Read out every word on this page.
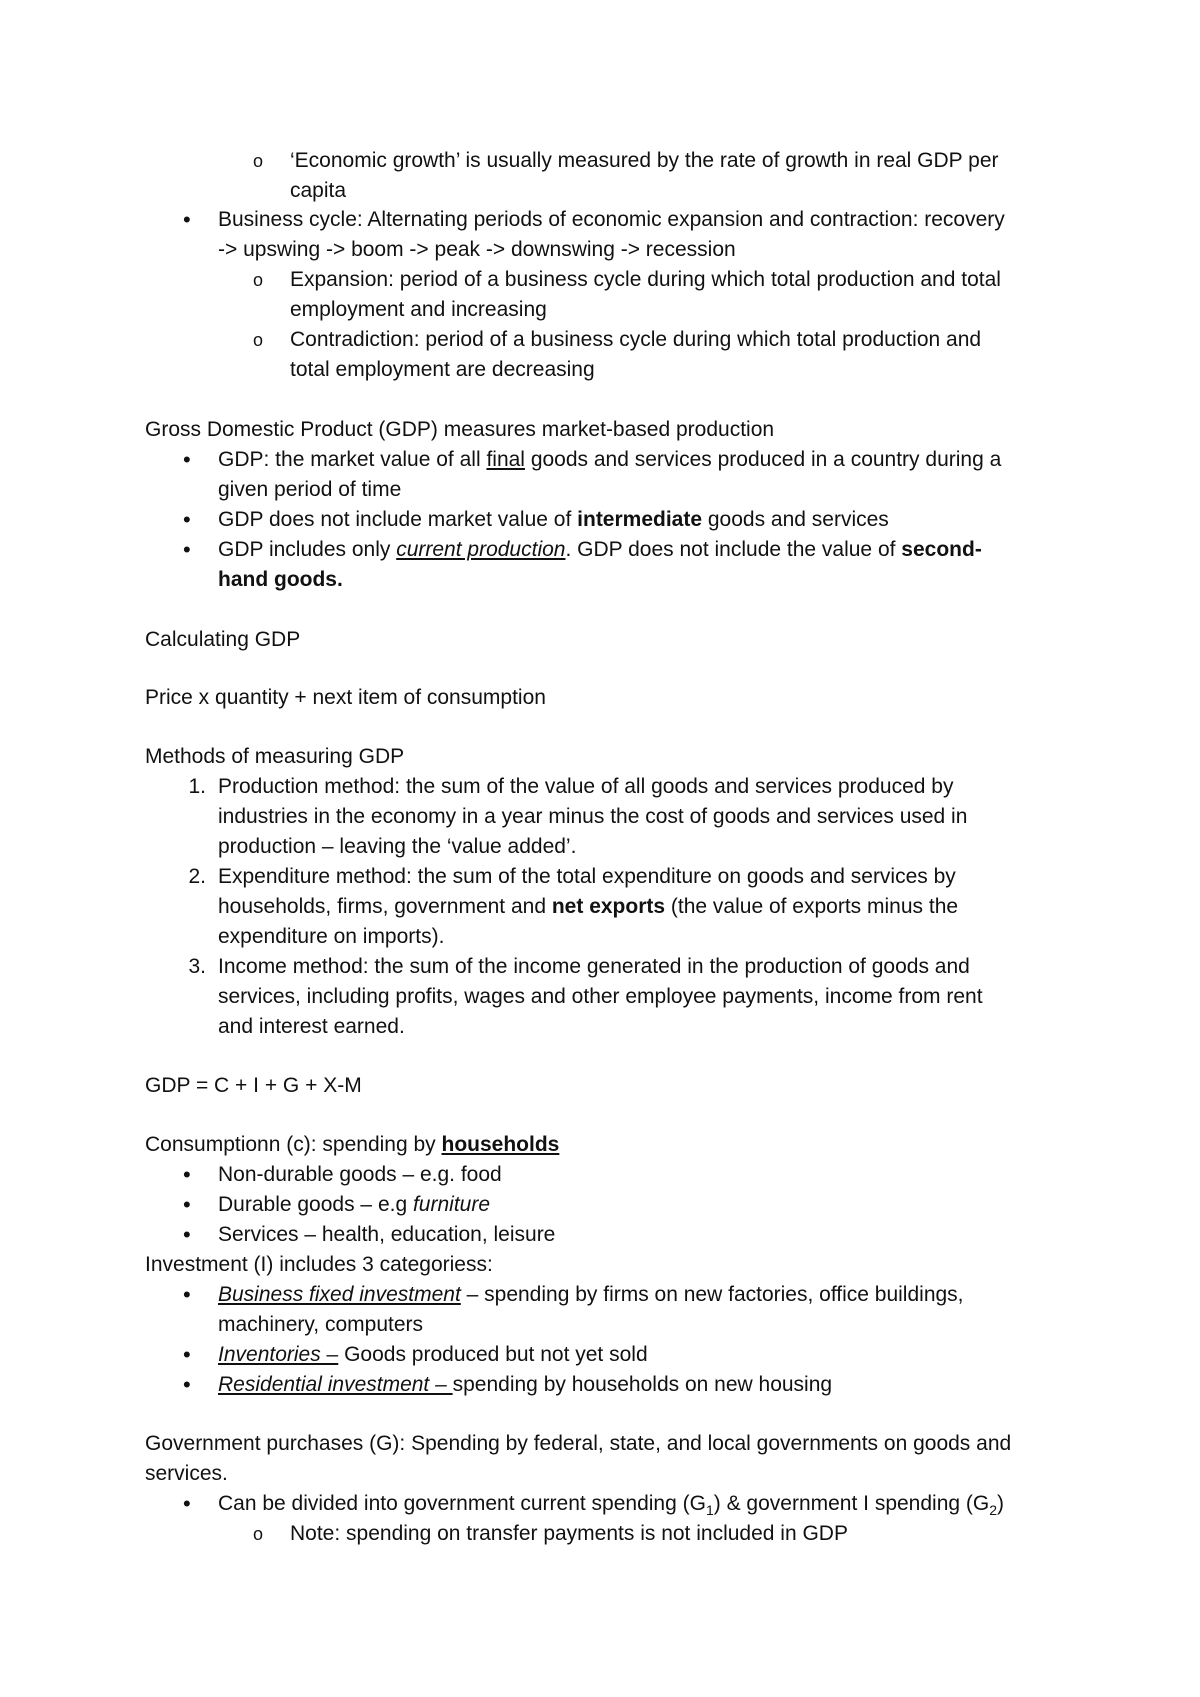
o ‘Economic growth’ is usually measured by the rate of growth in real GDP per
capita
• Business cycle: Alternating periods of economic expansion and contraction: recovery
-> upswing -> boom -> peak -> downswing -> recession
o Expansion: period of a business cycle during which total production and total
employment and increasing
o Contradiction: period of a business cycle during which total production and
total employment are decreasing
Gross Domestic Product (GDP) measures market-based production
• GDP: the market value of all final goods and services produced in a country during a
given period of time
• GDP does not include market value of intermediate goods and services
• GDP includes only current production. GDP does not include the value of second-
hand goods.
Calculating GDP
Price x quantity + next item of consumption
Methods of measuring GDP
1. Production method: the sum of the value of all goods and services produced by
industries in the economy in a year minus the cost of goods and services used in
production – leaving the ‘value added’.
2. Expenditure method: the sum of the total expenditure on goods and services by
households, firms, government and net exports (the value of exports minus the
expenditure on imports).
3. Income method: the sum of the income generated in the production of goods and
services, including profits, wages and other employee payments, income from rent
and interest earned.
GDP = C + I + G + X-M
Consumptionn (c): spending by households
• Non-durable goods – e.g. food
• Durable goods – e.g furniture
• Services – health, education, leisure
Investment (I) includes 3 categoriess:
• Business fixed investment – spending by firms on new factories, office buildings,
machinery, computers
• Inventories – Goods produced but not yet sold
• Residential investment – spending by households on new housing
Government purchases (G): Spending by federal, state, and local governments on goods and
services.
• Can be divided into government current spending $(G_1)$ & government I spending $(G_2)$
o Note: spending on transfer payments is not included in GDP
